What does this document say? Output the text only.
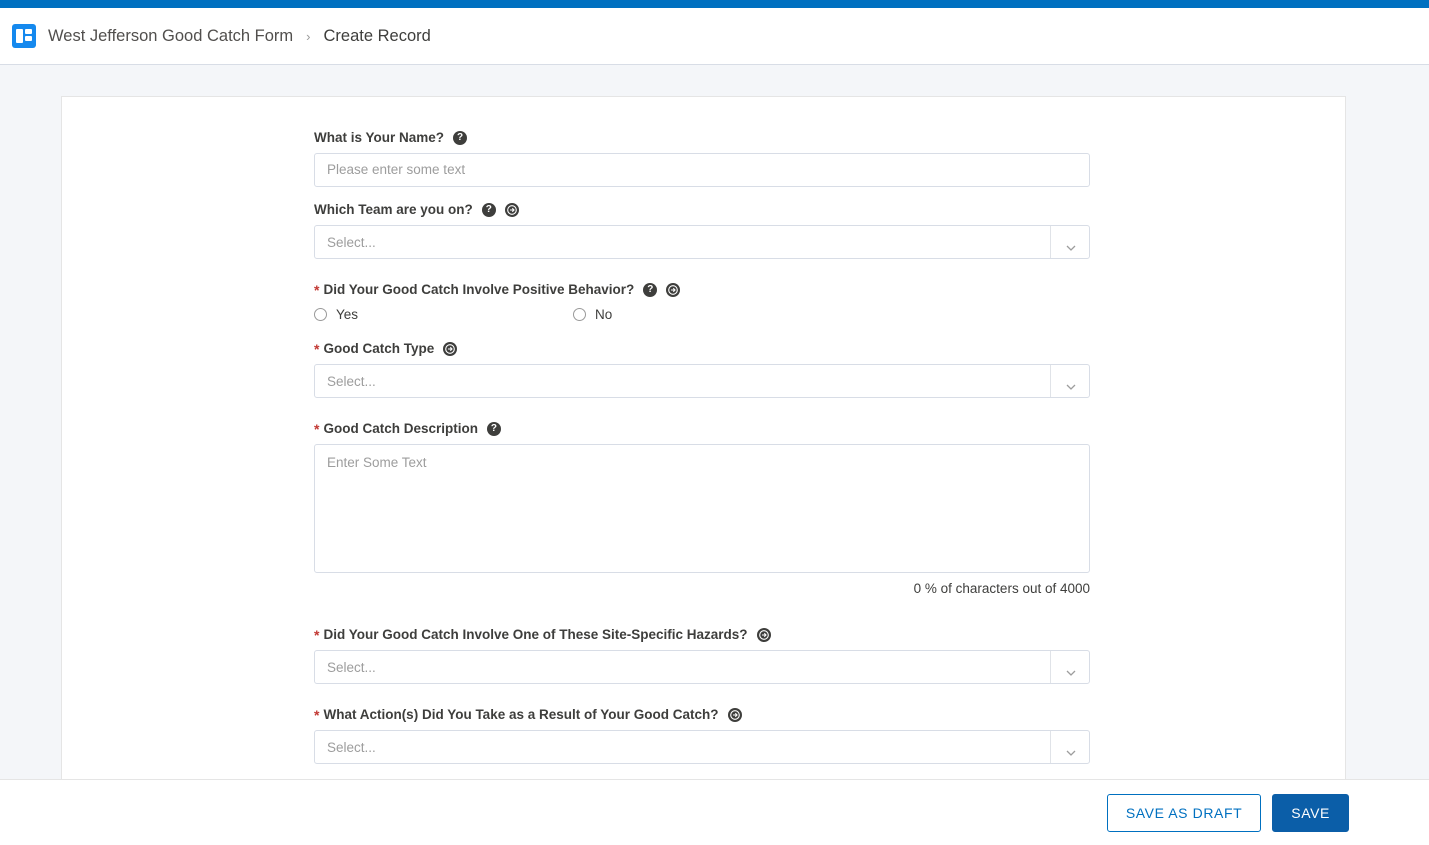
West Jefferson Good Catch Form › Create Record
What is Your Name?	?
Please enter some text
Which Team are you on?	?
Select...
* Did Your Good Catch Involve Positive Behavior?	?
Yes	No
* Good Catch Type
Select...
* Good Catch Description	?
Enter Some Text
0 % of characters out of 4000
* Did Your Good Catch Involve One of These Site-Specific Hazards?
Select...
* What Action(s) Did You Take as a Result of Your Good Catch?
Select...
SAVE AS DRAFT	SAVE
